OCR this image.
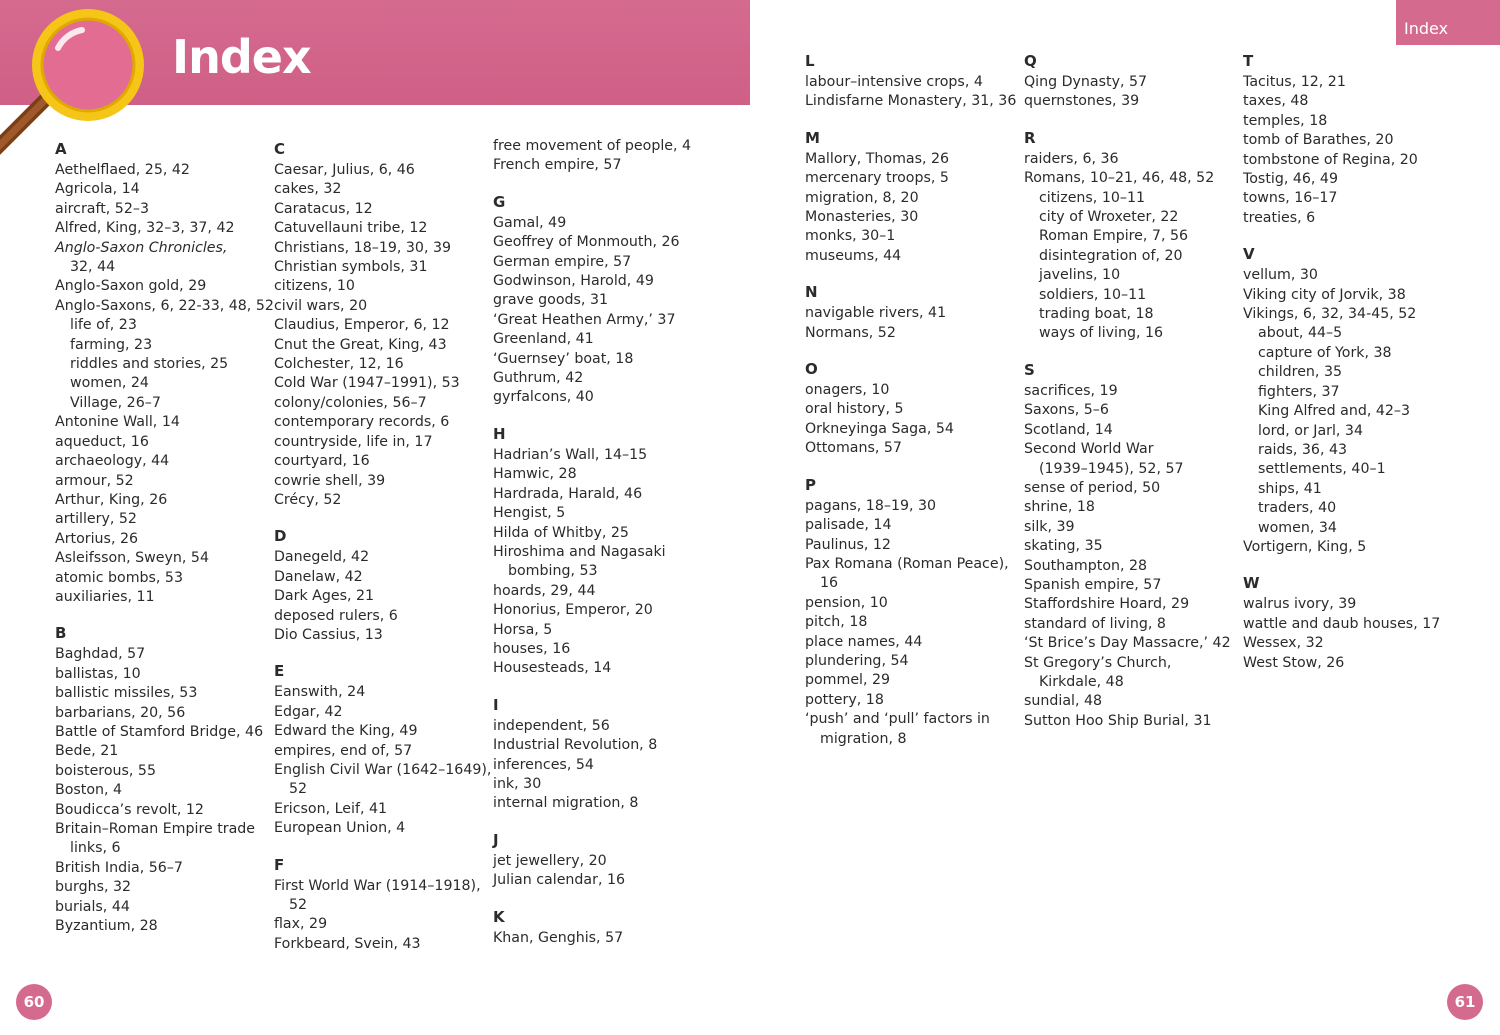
Index
Index
A
Aethelflaed, 25, 42
Agricola, 14
aircraft, 52–3
Alfred, King, 32–3, 37, 42
Anglo-Saxon Chronicles,
32, 44
Anglo-Saxon gold, 29
Anglo-Saxons, 6, 22-33, 48, 52
life of, 23
farming, 23
riddles and stories, 25
women, 24
Village, 26–7
Antonine Wall, 14
aqueduct, 16
archaeology, 44
armour, 52
Arthur, King, 26
artillery, 52
Artorius, 26
Asleifsson, Sweyn, 54
atomic bombs, 53
auxiliaries, 11
B
Baghdad, 57
ballistas, 10
ballistic missiles, 53
barbarians, 20, 56
Battle of Stamford Bridge, 46
Bede, 21
boisterous, 55
Boston, 4
Boudicca’s revolt, 12
Britain–Roman Empire trade
links, 6
British India, 56–7
burghs, 32
burials, 44
Byzantium, 28
C
Caesar, Julius, 6, 46
cakes, 32
Caratacus, 12
Catuvellauni tribe, 12
Christians, 18–19, 30, 39
Christian symbols, 31
citizens, 10
civil wars, 20
Claudius, Emperor, 6, 12
Cnut the Great, King, 43
Colchester, 12, 16
Cold War (1947–1991), 53
colony/colonies, 56–7
contemporary records, 6
countryside, life in, 17
courtyard, 16
cowrie shell, 39
Crécy, 52
D
Danegeld, 42
Danelaw, 42
Dark Ages, 21
deposed rulers, 6
Dio Cassius, 13
E
Eanswith, 24
Edgar, 42
Edward the King, 49
empires, end of, 57
English Civil War (1642–1649),
52
Ericson, Leif, 41
European Union, 4
F
First World War (1914–1918),
52
flax, 29
Forkbeard, Svein, 43
free movement of people, 4
French empire, 57
G
Gamal, 49
Geoffrey of Monmouth, 26
German empire, 57
Godwinson, Harold, 49
grave goods, 31
‘Great Heathen Army,’ 37
Greenland, 41
‘Guernsey’ boat, 18
Guthrum, 42
gyrfalcons, 40
H
Hadrian’s Wall, 14–15
Hamwic, 28
Hardrada, Harald, 46
Hengist, 5
Hilda of Whitby, 25
Hiroshima and Nagasaki
bombing, 53
hoards, 29, 44
Honorius, Emperor, 20
Horsa, 5
houses, 16
Housesteads, 14
I
independent, 56
Industrial Revolution, 8
inferences, 54
ink, 30
internal migration, 8
J
jet jewellery, 20
Julian calendar, 16
K
Khan, Genghis, 57
L
labour–intensive crops, 4
Lindisfarne Monastery, 31, 36
M
Mallory, Thomas, 26
mercenary troops, 5
migration, 8, 20
Monasteries, 30
monks, 30–1
museums, 44
N
navigable rivers, 41
Normans, 52
O
onagers, 10
oral history, 5
Orkneyinga Saga, 54
Ottomans, 57
P
pagans, 18–19, 30
palisade, 14
Paulinus, 12
Pax Romana (Roman Peace),
16
pension, 10
pitch, 18
place names, 44
plundering, 54
pommel, 29
pottery, 18
‘push’ and ‘pull’ factors in
migration, 8
Q
Qing Dynasty, 57
quernstones, 39
R
raiders, 6, 36
Romans, 10–21, 46, 48, 52
citizens, 10–11
city of Wroxeter, 22
Roman Empire, 7, 56
disintegration of, 20
javelins, 10
soldiers, 10–11
trading boat, 18
ways of living, 16
S
sacrifices, 19
Saxons, 5–6
Scotland, 14
Second World War
(1939–1945), 52, 57
sense of period, 50
shrine, 18
silk, 39
skating, 35
Southampton, 28
Spanish empire, 57
Staffordshire Hoard, 29
standard of living, 8
‘St Brice’s Day Massacre,’ 42
St Gregory’s Church,
Kirkdale, 48
sundial, 48
Sutton Hoo Ship Burial, 31
T
Tacitus, 12, 21
taxes, 48
temples, 18
tomb of Barathes, 20
tombstone of Regina, 20
Tostig, 46, 49
towns, 16–17
treaties, 6
V
vellum, 30
Viking city of Jorvik, 38
Vikings, 6, 32, 34-45, 52
about, 44–5
capture of York, 38
children, 35
fighters, 37
King Alfred and, 42–3
lord, or Jarl, 34
raids, 36, 43
settlements, 40–1
ships, 41
traders, 40
women, 34
Vortigern, King, 5
W
walrus ivory, 39
wattle and daub houses, 17
Wessex, 32
West Stow, 26
60	61
